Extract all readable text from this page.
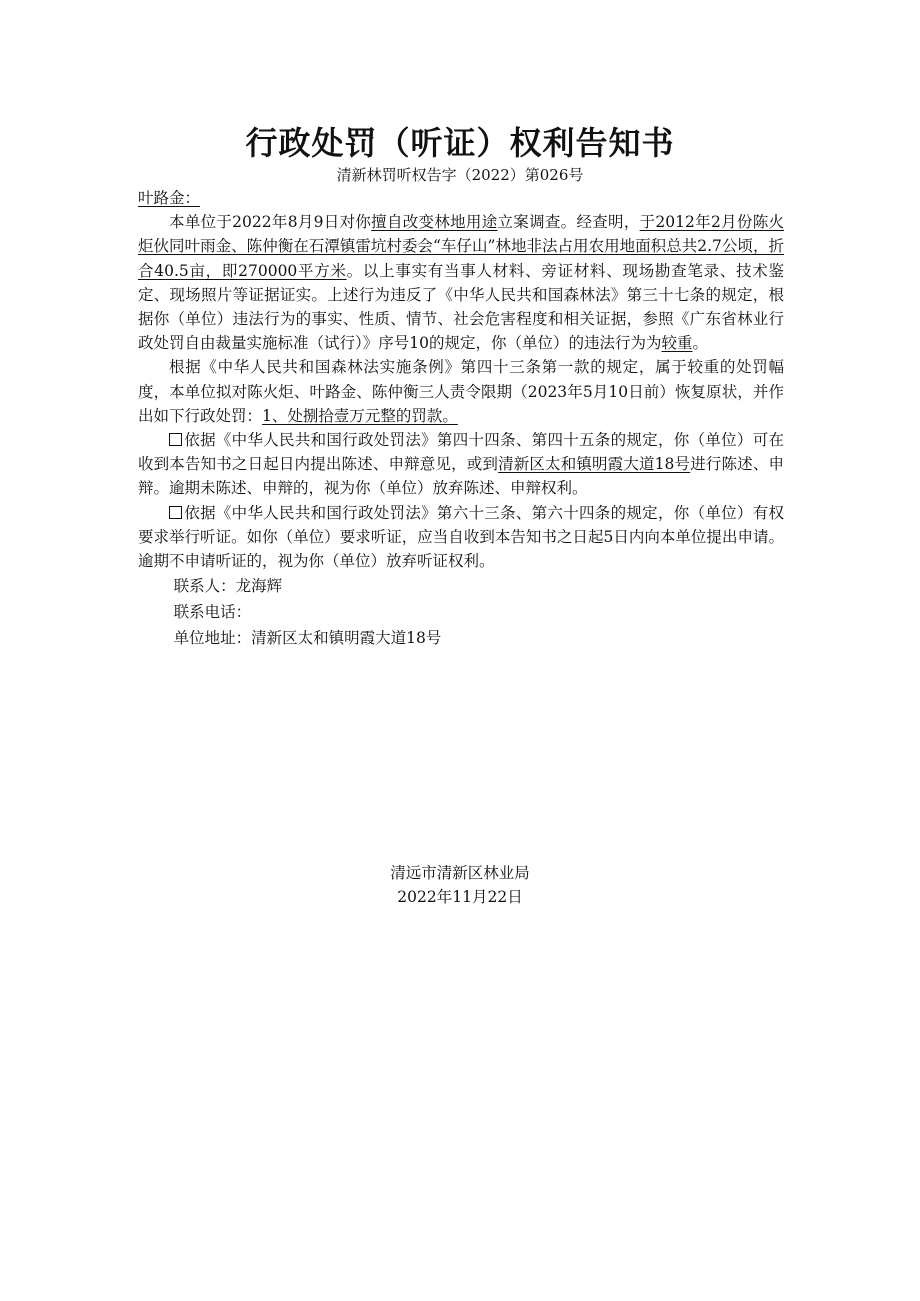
行政处罚（听证）权利告知书
清新林罚听权告字（2022）第026号

叶路金：

本单位于2022年8月9日对你擅自改变林地用途立案调查。经查明，于2012年2月份陈火炬伙同叶雨金、陈仲衡在石潭镇雷坑村委会“车仔山”林地非法占用农用地面积总共2.7公顷，折合40.5亩，即270000平方米。以上事实有当事人材料、旁证材料、现场勘查笔录、技术鉴定、现场照片等证据证实。上述行为违反了《中华人民共和国森林法》第三十七条的规定，根据你（单位）违法行为的事实、性质、情节、社会危害程度和相关证据，参照《广东省林业行政处罚自由裁量实施标准（试行）》序号10的规定，你（单位）的违法行为为较重。

根据《中华人民共和国森林法实施条例》第四十三条第一款的规定，属于较重的处罚幅度，本单位拟对陈火炬、叶路金、陈仲衡三人责令限期（2023年5月10日前）恢复原状，并作出如下行政处罚：1、处捌拾壹万元整的罚款。

依据《中华人民共和国行政处罚法》第四十四条、第四十五条的规定，你（单位）可在收到本告知书之日起日内提出陈述、申辩意见，或到清新区太和镇明霞大道18号进行陈述、申辩。逾期未陈述、申辩的，视为你（单位）放弃陈述、申辩权利。

依据《中华人民共和国行政处罚法》第六十三条、第六十四条的规定，你（单位）有权要求举行听证。如你（单位）要求听证，应当自收到本告知书之日起5日内向本单位提出申请。逾期不申请听证的，视为你（单位）放弃听证权利。

联系人：龙海辉

联系电话：

单位地址：清新区太和镇明霞大道18号

清远市清新区林业局
2022年11月22日
